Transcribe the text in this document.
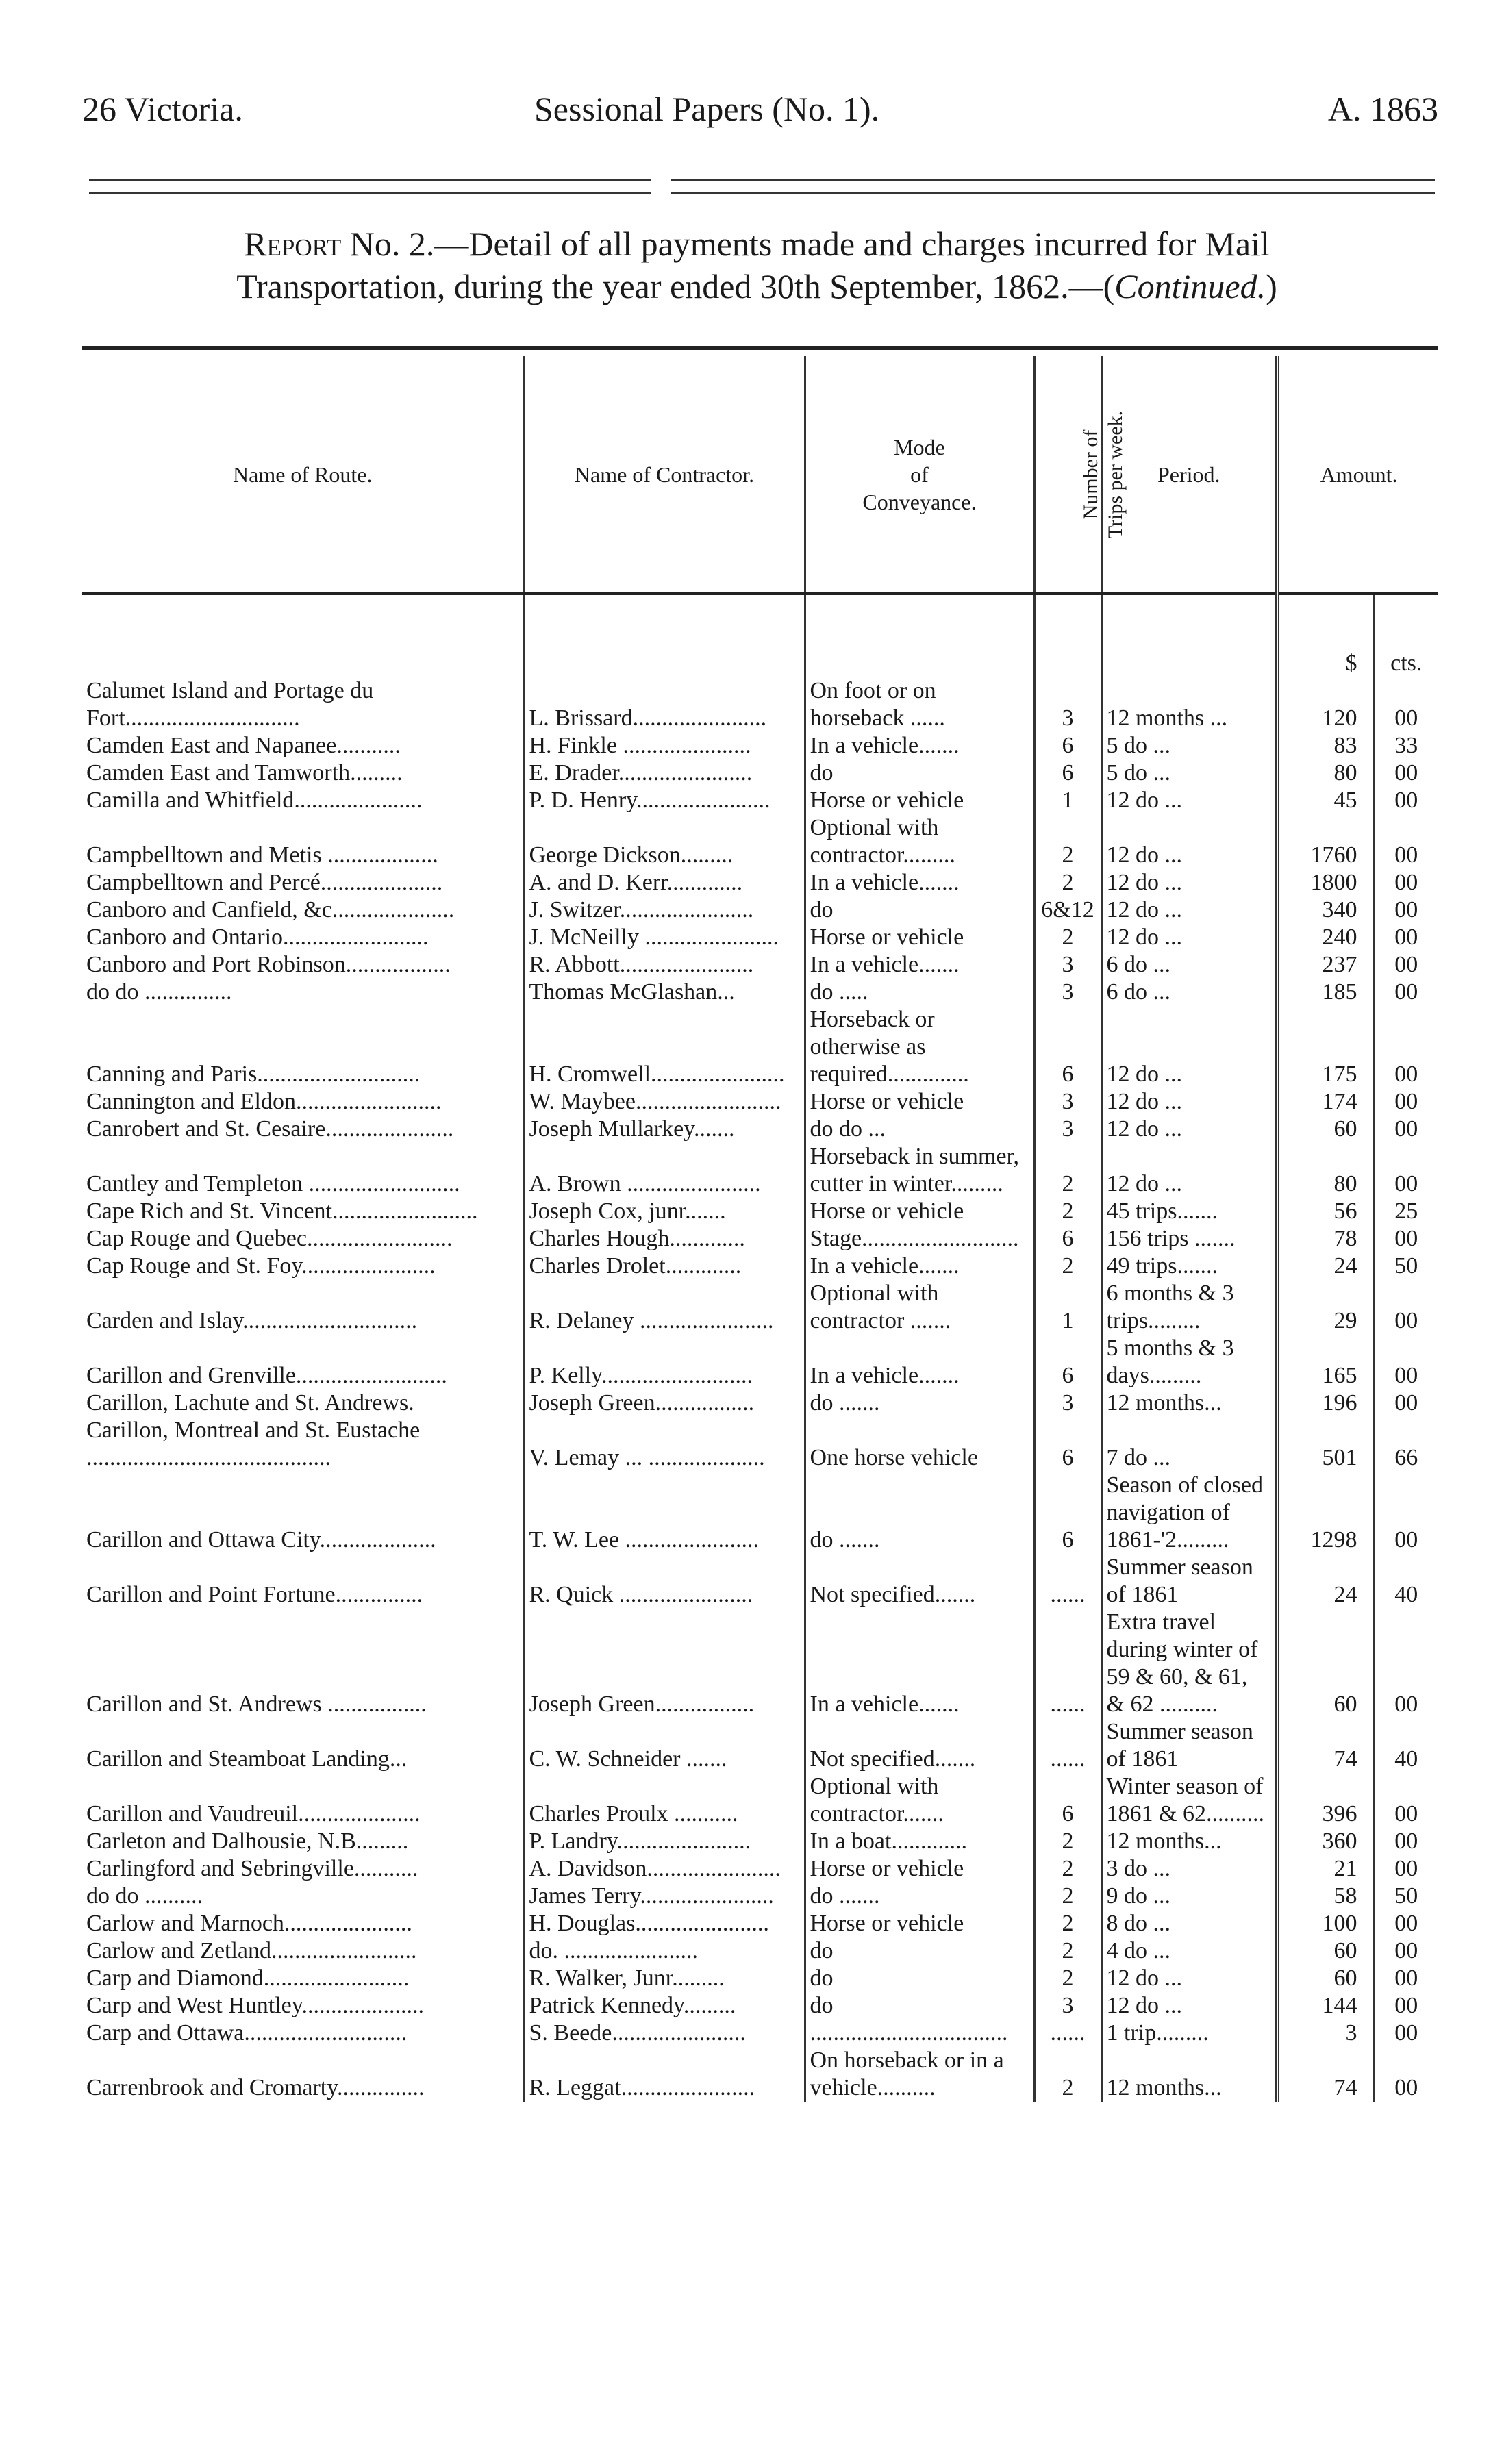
26 Victoria.	Sessional Papers (No. 1).	A. 1863
Report No. 2.—Detail of all payments made and charges incurred for Mail
Transportation, during the year ended 30th September, 1862.—(Continued.)
Name of Route.	Name of Contractor.	Mode
of
Conveyance.	Number of Trips per week.	Period.	Amount.	
					$	cts.
Calumet Island and Portage du Fort..............................	L. Brissard.......................	On foot or on horseback ......	3	12 months ...	120	00
Camden East and Napanee...........	H. Finkle ......................	In a vehicle.......	6	5 do ...	83	33
Camden East and Tamworth.........	E. Drader.......................	do	6	5 do ...	80	00
Camilla and Whitfield......................	P. D. Henry.......................	Horse or vehicle	1	12 do ...	45	00
Campbelltown and Metis ...................	George Dickson.........	Optional with contractor.........	2	12 do ...	1760	00
Campbelltown and Percé.....................	A. and D. Kerr.............	In a vehicle.......	2	12 do ...	1800	00
Canboro and Canfield, &c.....................	J. Switzer.......................	do	6&12	12 do ...	340	00
Canboro and Ontario.........................	J. McNeilly .......................	Horse or vehicle	2	12 do ...	240	00
Canboro and Port Robinson..................	R. Abbott.......................	In a vehicle.......	3	6 do ...	237	00
do do ...............	Thomas McGlashan...	do .....	3	6 do ...	185	00
Canning and Paris............................	H. Cromwell.......................	Horseback or otherwise as required..............	6	12 do ...	175	00
Cannington and Eldon.........................	W. Maybee.........................	Horse or vehicle	3	12 do ...	174	00
Canrobert and St. Cesaire......................	Joseph Mullarkey.......	do do ...	3	12 do ...	60	00
Cantley and Templeton ..........................	A. Brown .......................	Horseback in summer, cutter in winter.........	2	12 do ...	80	00
Cape Rich and St. Vincent.........................	Joseph Cox, junr.......	Horse or vehicle	2	45 trips.......	56	25
Cap Rouge and Quebec.........................	Charles Hough.............	Stage...........................	6	156 trips .......	78	00
Cap Rouge and St. Foy.......................	Charles Drolet.............	In a vehicle.......	2	49 trips.......	24	50
Carden and Islay..............................	R. Delaney .......................	Optional with contractor .......	1	6 months & 3 trips.........	29	00
Carillon and Grenville..........................	P. Kelly..........................	In a vehicle.......	6	5 months & 3 days.........	165	00
Carillon, Lachute and St. Andrews.	Joseph Green.................	do .......	3	12 months...	196	00
Carillon, Montreal and St. Eustache ..........................................	V. Lemay ... ....................	One horse vehicle	6	7 do ...	501	66
Carillon and Ottawa City....................	T. W. Lee .......................	do .......	6	Season of closed navigation of 1861-'2.........	1298	00
Carillon and Point Fortune...............	R. Quick .......................	Not specified.......	......	Summer season of 1861	24	40
Carillon and St. Andrews .................	Joseph Green.................	In a vehicle.......	......	Extra travel during winter of 59 & 60, & 61, & 62 ..........	60	00
Carillon and Steamboat Landing...	C. W. Schneider .......	Not specified.......	......	Summer season of 1861	74	40
Carillon and Vaudreuil.....................	Charles Proulx ...........	Optional with contractor.......	6	Winter season of 1861 & 62..........	396	00
Carleton and Dalhousie, N.B.........	P. Landry.......................	In a boat.............	2	12 months...	360	00
Carlingford and Sebringville...........	A. Davidson.......................	Horse or vehicle	2	3 do ...	21	00
do do ..........	James Terry.......................	do .......	2	9 do ...	58	50
Carlow and Marnoch......................	H. Douglas.......................	Horse or vehicle	2	8 do ...	100	00
Carlow and Zetland.........................	do. .......................	do	2	4 do ...	60	00
Carp and Diamond.........................	R. Walker, Junr.........	do	2	12 do ...	60	00
Carp and West Huntley.....................	Patrick Kennedy.........	do	3	12 do ...	144	00
Carp and Ottawa............................	S. Beede.......................	..................................	......	1 trip.........	3	00
Carrenbrook and Cromarty...............	R. Leggat.......................	On horseback or in a vehicle..........	2	12 months...	74	00
